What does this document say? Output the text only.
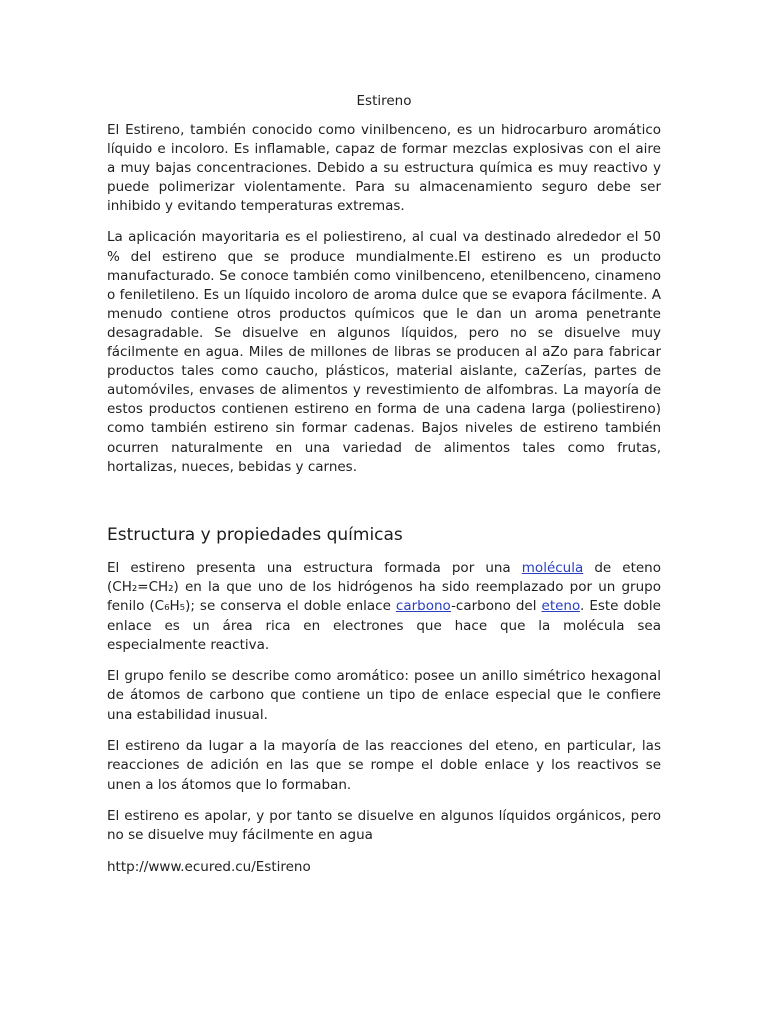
Estireno

El Estireno, también conocido como vinilbenceno, es un hidrocarburo aromático líquido e incoloro. Es inflamable, capaz de formar mezclas explosivas con el aire a muy bajas concentraciones. Debido a su estructura química es muy reactivo y puede polimerizar violentamente. Para su almacenamiento seguro debe ser inhibido y evitando temperaturas extremas.

La aplicación mayoritaria es el poliestireno, al cual va destinado alrededor el 50 % del estireno que se produce mundialmente.El estireno es un producto manufacturado. Se conoce también como vinilbenceno, etenilbenceno, cinameno o feniletileno. Es un líquido incoloro de aroma dulce que se evapora fácilmente. A menudo contiene otros productos químicos que le dan un aroma penetrante desagradable. Se disuelve en algunos líquidos, pero no se disuelve muy fácilmente en agua. Miles de millones de libras se producen al aZo para fabricar productos tales como caucho, plásticos, material aislante, caZerías, partes de automóviles, envases de alimentos y revestimiento de alfombras. La mayoría de estos productos contienen estireno en forma de una cadena larga (poliestireno) como también estireno sin formar cadenas. Bajos niveles de estireno también ocurren naturalmente en una variedad de alimentos tales como frutas, hortalizas, nueces, bebidas y carnes.

Estructura y propiedades químicas

El estireno presenta una estructura formada por una molécula de eteno (CH₂=CH₂) en la que uno de los hidrógenos ha sido reemplazado por un grupo fenilo (C₆H₅); se conserva el doble enlace carbono-carbono del eteno. Este doble enlace es un área rica en electrones que hace que la molécula sea especialmente reactiva.

El grupo fenilo se describe como aromático: posee un anillo simétrico hexagonal de átomos de carbono que contiene un tipo de enlace especial que le confiere una estabilidad inusual.

El estireno da lugar a la mayoría de las reacciones del eteno, en particular, las reacciones de adición en las que se rompe el doble enlace y los reactivos se unen a los átomos que lo formaban.

El estireno es apolar, y por tanto se disuelve en algunos líquidos orgánicos, pero no se disuelve muy fácilmente en agua

http://www.ecured.cu/Estireno
